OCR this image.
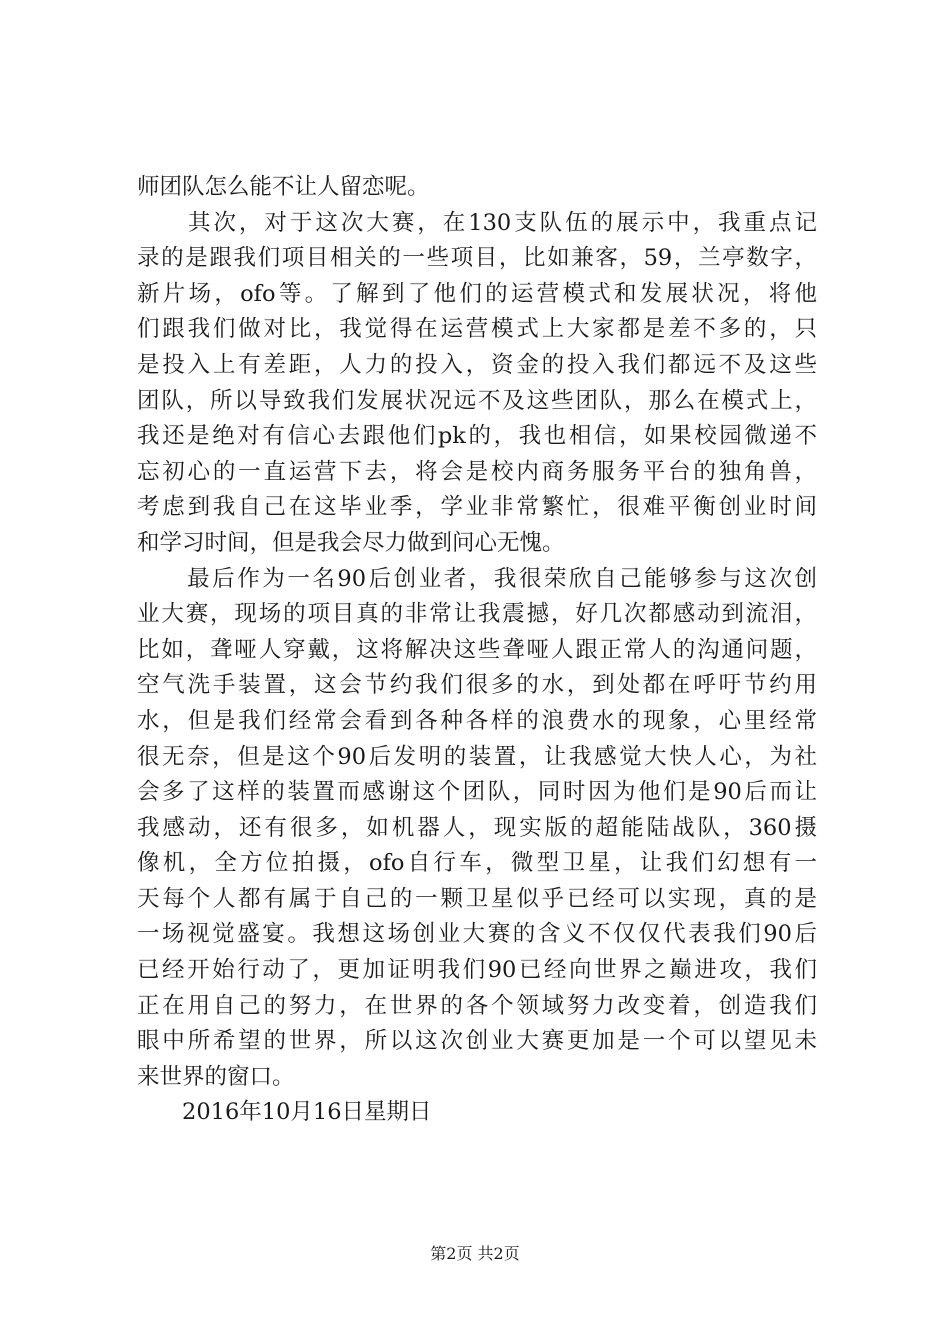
师团队怎么能不让人留恋呢。
　　其次，对于这次大赛，在130支队伍的展示中，我重点记
录的是跟我们项目相关的一些项目，比如兼客，59，兰亭数字，
新片场，ofo等。了解到了他们的运营模式和发展状况，将他
们跟我们做对比，我觉得在运营模式上大家都是差不多的，只
是投入上有差距，人力的投入，资金的投入我们都远不及这些
团队，所以导致我们发展状况远不及这些团队，那么在模式上，
我还是绝对有信心去跟他们pk的，我也相信，如果校园微递不
忘初心的一直运营下去，将会是校内商务服务平台的独角兽，
考虑到我自己在这毕业季，学业非常繁忙，很难平衡创业时间
和学习时间，但是我会尽力做到问心无愧。
　　最后作为一名90后创业者，我很荣欣自己能够参与这次创
业大赛，现场的项目真的非常让我震撼，好几次都感动到流泪，
比如，聋哑人穿戴，这将解决这些聋哑人跟正常人的沟通问题，
空气洗手装置，这会节约我们很多的水，到处都在呼吁节约用
水，但是我们经常会看到各种各样的浪费水的现象，心里经常
很无奈，但是这个90后发明的装置，让我感觉大快人心，为社
会多了这样的装置而感谢这个团队，同时因为他们是90后而让
我感动，还有很多，如机器人，现实版的超能陆战队，360摄
像机，全方位拍摄，ofo自行车，微型卫星，让我们幻想有一
天每个人都有属于自己的一颗卫星似乎已经可以实现，真的是
一场视觉盛宴。我想这场创业大赛的含义不仅仅代表我们90后
已经开始行动了，更加证明我们90已经向世界之巅进攻，我们
正在用自己的努力，在世界的各个领域努力改变着，创造我们
眼中所希望的世界，所以这次创业大赛更加是一个可以望见未
来世界的窗口。
　　2016年10月16日星期日
第2页 共2页
